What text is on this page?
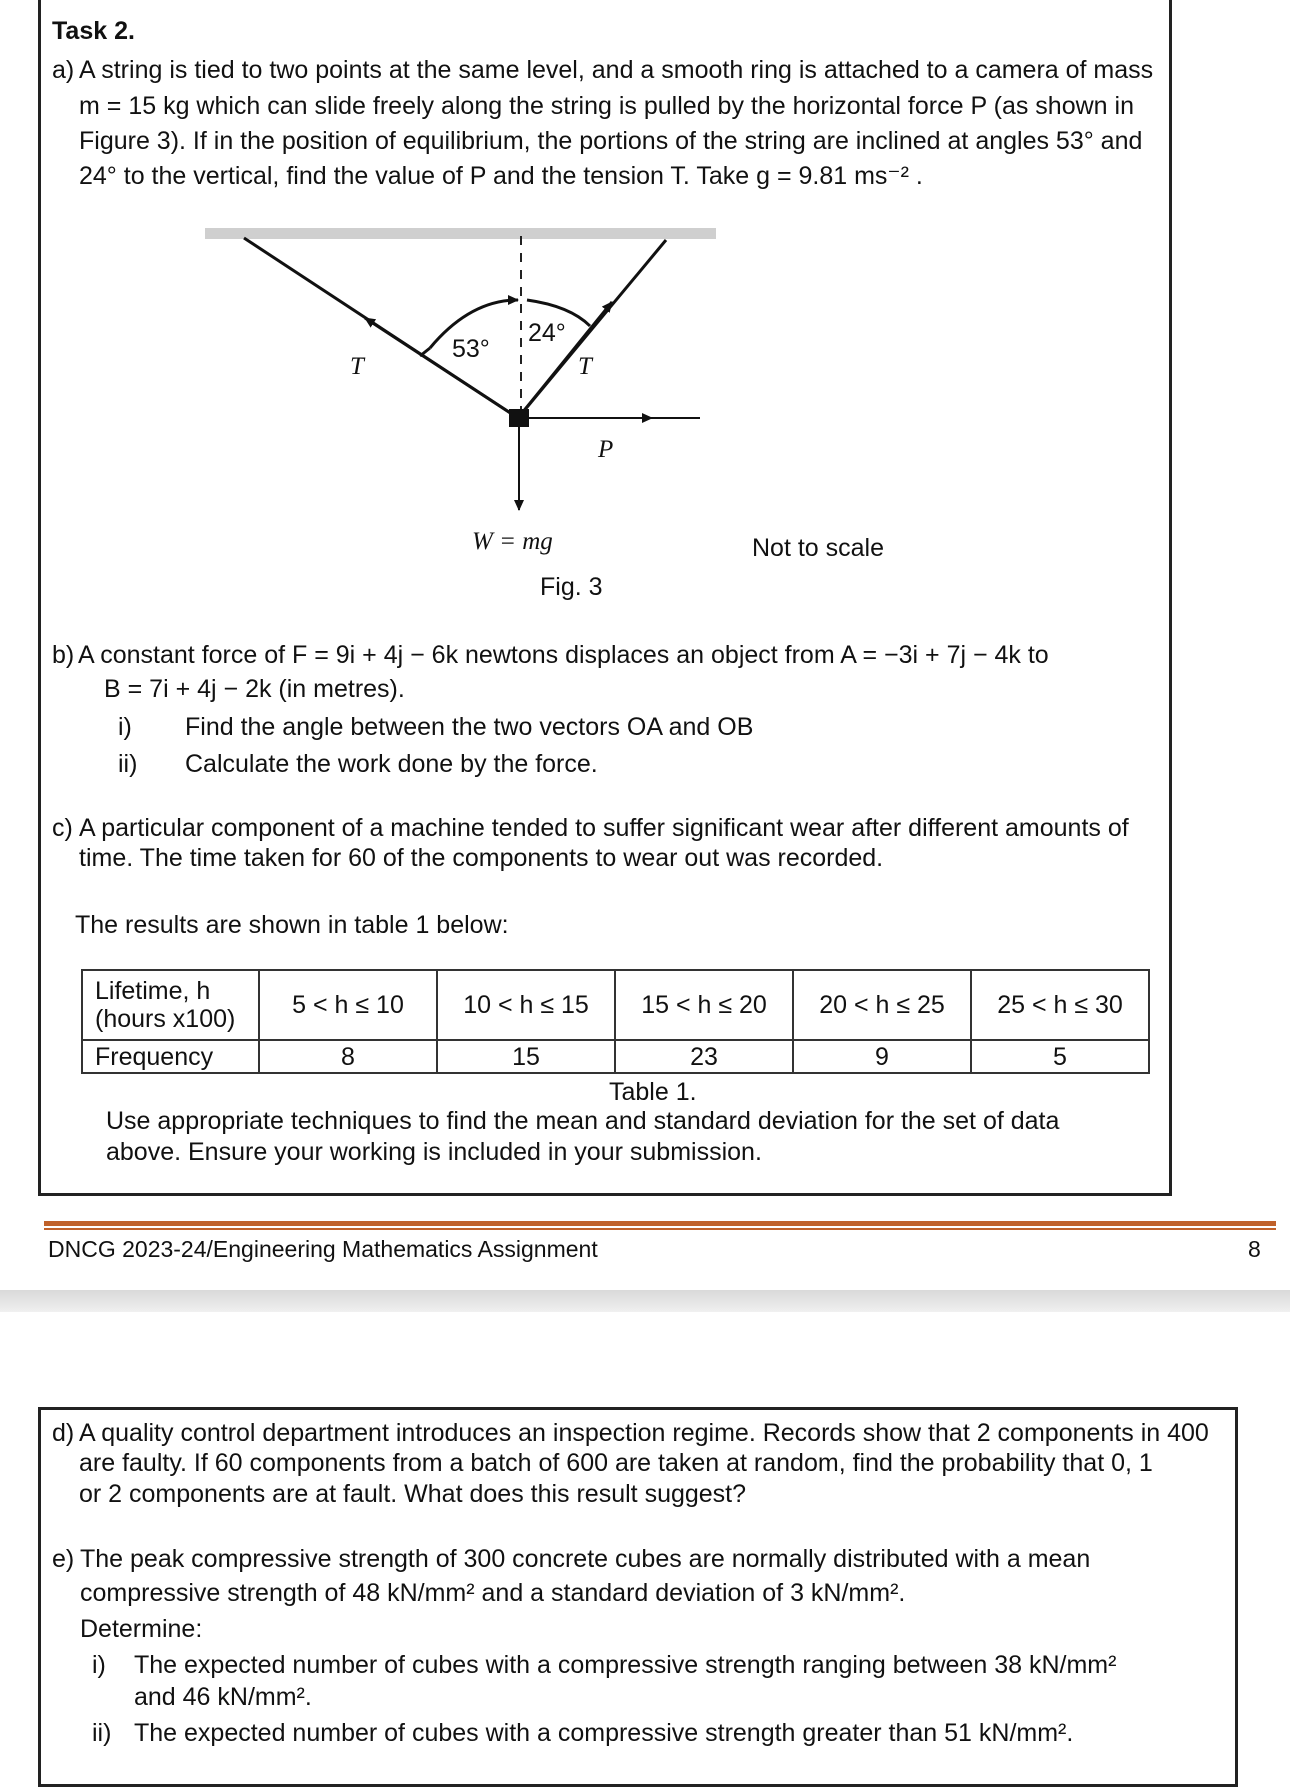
Task 2.
a) A string is tied to two points at the same level, and a smooth ring is attached to a camera of mass
m = 15 kg which can slide freely along the string is pulled by the horizontal force P (as shown in
Figure 3). If in the position of equilibrium, the portions of the string are inclined at angles 53° and
24° to the vertical, find the value of P and the tension T. Take g = 9.81 ms⁻² .
53°
24°
T	T
P
W = mg	Not to scale
Fig. 3
b) A constant force of F = 9i + 4j − 6k newtons displaces an object from A = −3i + 7j − 4k to
B = 7i + 4j − 2k (in metres).
i) Find the angle between the two vectors OA and OB
ii) Calculate the work done by the force.
c) A particular component of a machine tended to suffer significant wear after different amounts of
time. The time taken for 60 of the components to wear out was recorded.
The results are shown in table 1 below:
Lifetime, h
(hours x100)	5 < h ≤ 10	10 < h ≤ 15	15 < h ≤ 20	20 < h ≤ 25	25 < h ≤ 30
Frequency	8	15	23	9	5
Table 1.
Use appropriate techniques to find the mean and standard deviation for the set of data
above. Ensure your working is included in your submission.
DNCG 2023-24/Engineering Mathematics Assignment	8
d) A quality control department introduces an inspection regime. Records show that 2 components in 400
are faulty. If 60 components from a batch of 600 are taken at random, find the probability that 0, 1
or 2 components are at fault. What does this result suggest?
e) The peak compressive strength of 300 concrete cubes are normally distributed with a mean
compressive strength of 48 kN/mm² and a standard deviation of 3 kN/mm².
Determine:
i) The expected number of cubes with a compressive strength ranging between 38 kN/mm²
and 46 kN/mm².
ii) The expected number of cubes with a compressive strength greater than 51 kN/mm².
